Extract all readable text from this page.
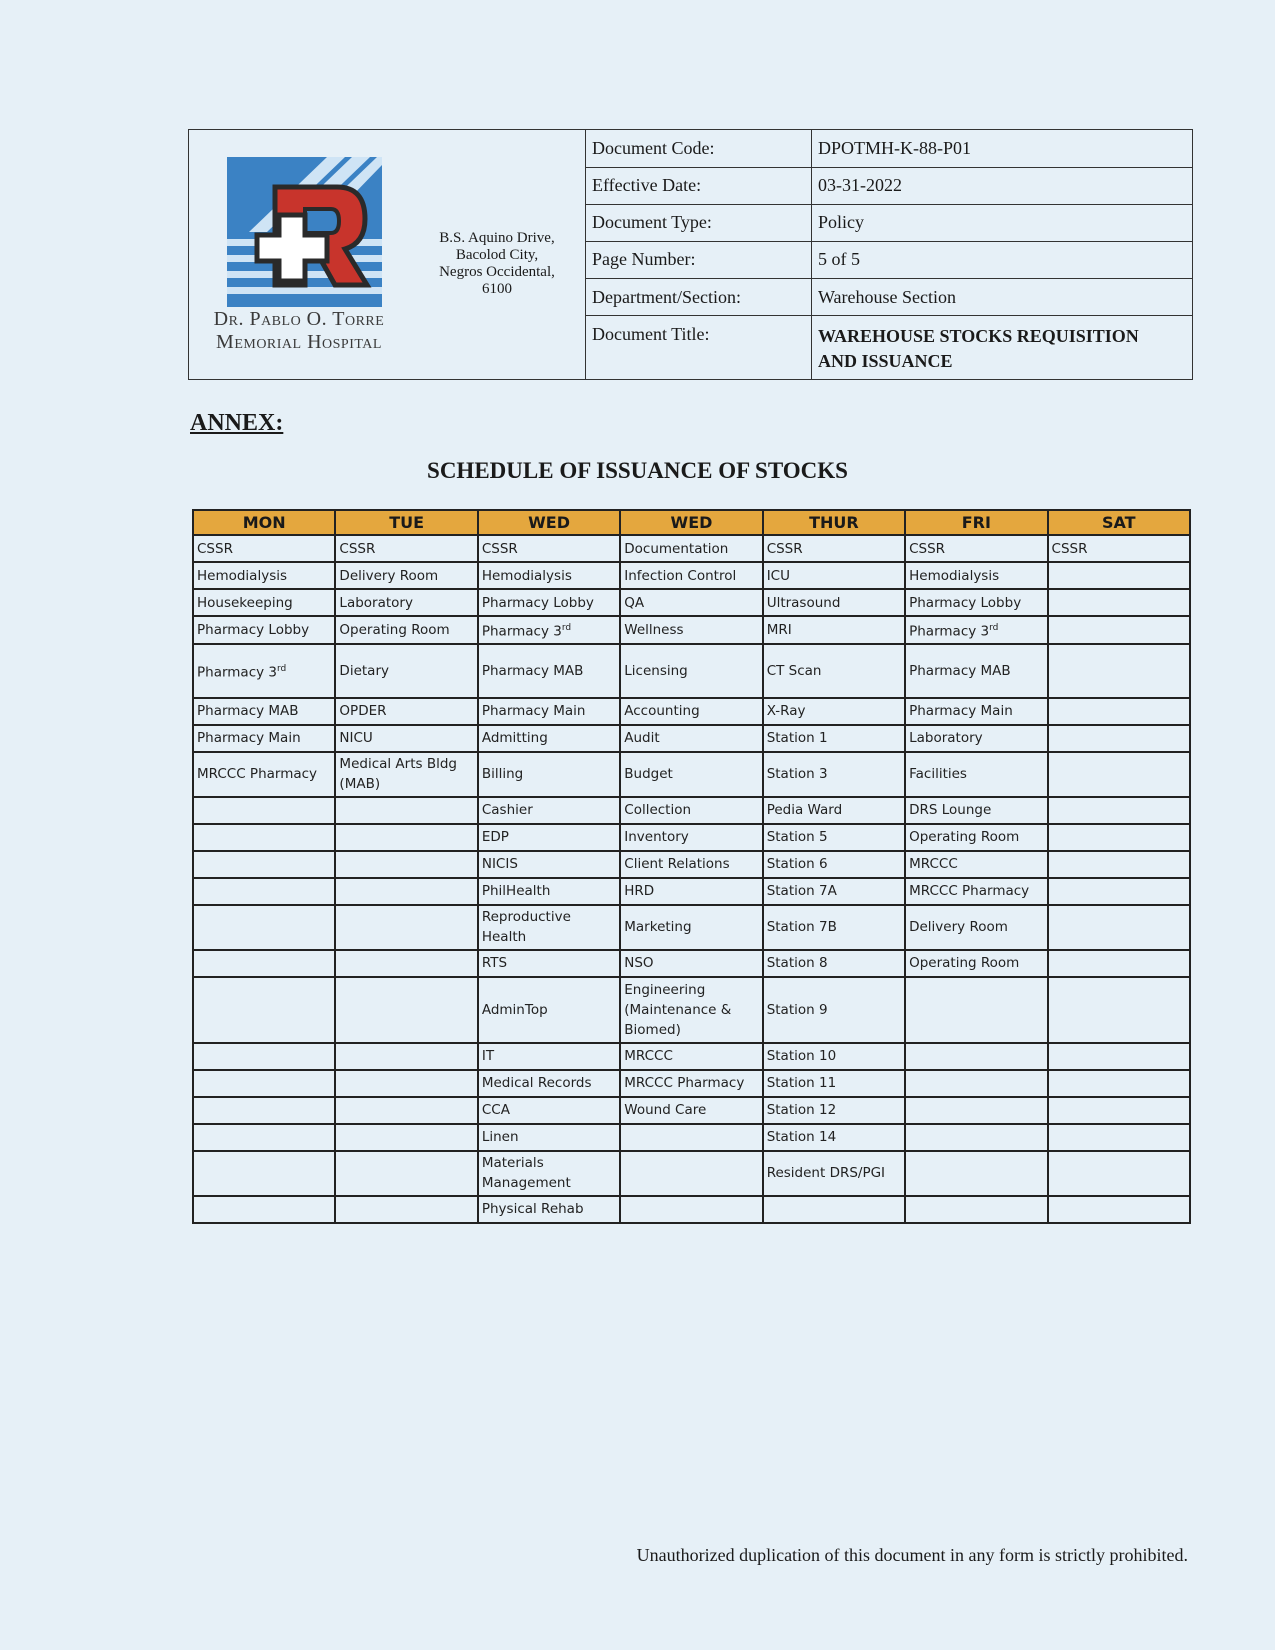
Dr. Pablo O. Torre
Memorial Hospital
B.S. Aquino Drive,
Bacolod City,
Negros Occidental,
6100
Document Code:	DPOTMH-K-88-P01
Effective Date:	03-31-2022
Document Type:	Policy
Page Number:	5 of 5
Department/Section:	Warehouse Section
Document Title:	WAREHOUSE STOCKS REQUISITION
AND ISSUANCE
ANNEX:
SCHEDULE OF ISSUANCE OF STOCKS
MON	TUE	WED	WED	THUR	FRI	SAT
CSSR	CSSR	CSSR	Documentation	CSSR	CSSR	CSSR
Hemodialysis	Delivery Room	Hemodialysis	Infection Control	ICU	Hemodialysis	
Housekeeping	Laboratory	Pharmacy Lobby	QA	Ultrasound	Pharmacy Lobby	
Pharmacy Lobby	Operating Room	Pharmacy 3rd	Wellness	MRI	Pharmacy 3rd	
Pharmacy 3rd	Dietary	Pharmacy MAB	Licensing	CT Scan	Pharmacy MAB	
Pharmacy MAB	OPDER	Pharmacy Main	Accounting	X-Ray	Pharmacy Main	
Pharmacy Main	NICU	Admitting	Audit	Station 1	Laboratory	
MRCCC Pharmacy	Medical Arts Bldg (MAB)	Billing	Budget	Station 3	Facilities	
		Cashier	Collection	Pedia Ward	DRS Lounge	
		EDP	Inventory	Station 5	Operating Room	
		NICIS	Client Relations	Station 6	MRCCC	
		PhilHealth	HRD	Station 7A	MRCCC Pharmacy	
		Reproductive Health	Marketing	Station 7B	Delivery Room	
		RTS	NSO	Station 8	Operating Room	
		AdminTop	Engineering (Maintenance & Biomed)	Station 9		
		IT	MRCCC	Station 10		
		Medical Records	MRCCC Pharmacy	Station 11		
		CCA	Wound Care	Station 12		
		Linen		Station 14		
		Materials Management		Resident DRS/PGI		
		Physical Rehab				
Unauthorized duplication of this document in any form is strictly prohibited.
